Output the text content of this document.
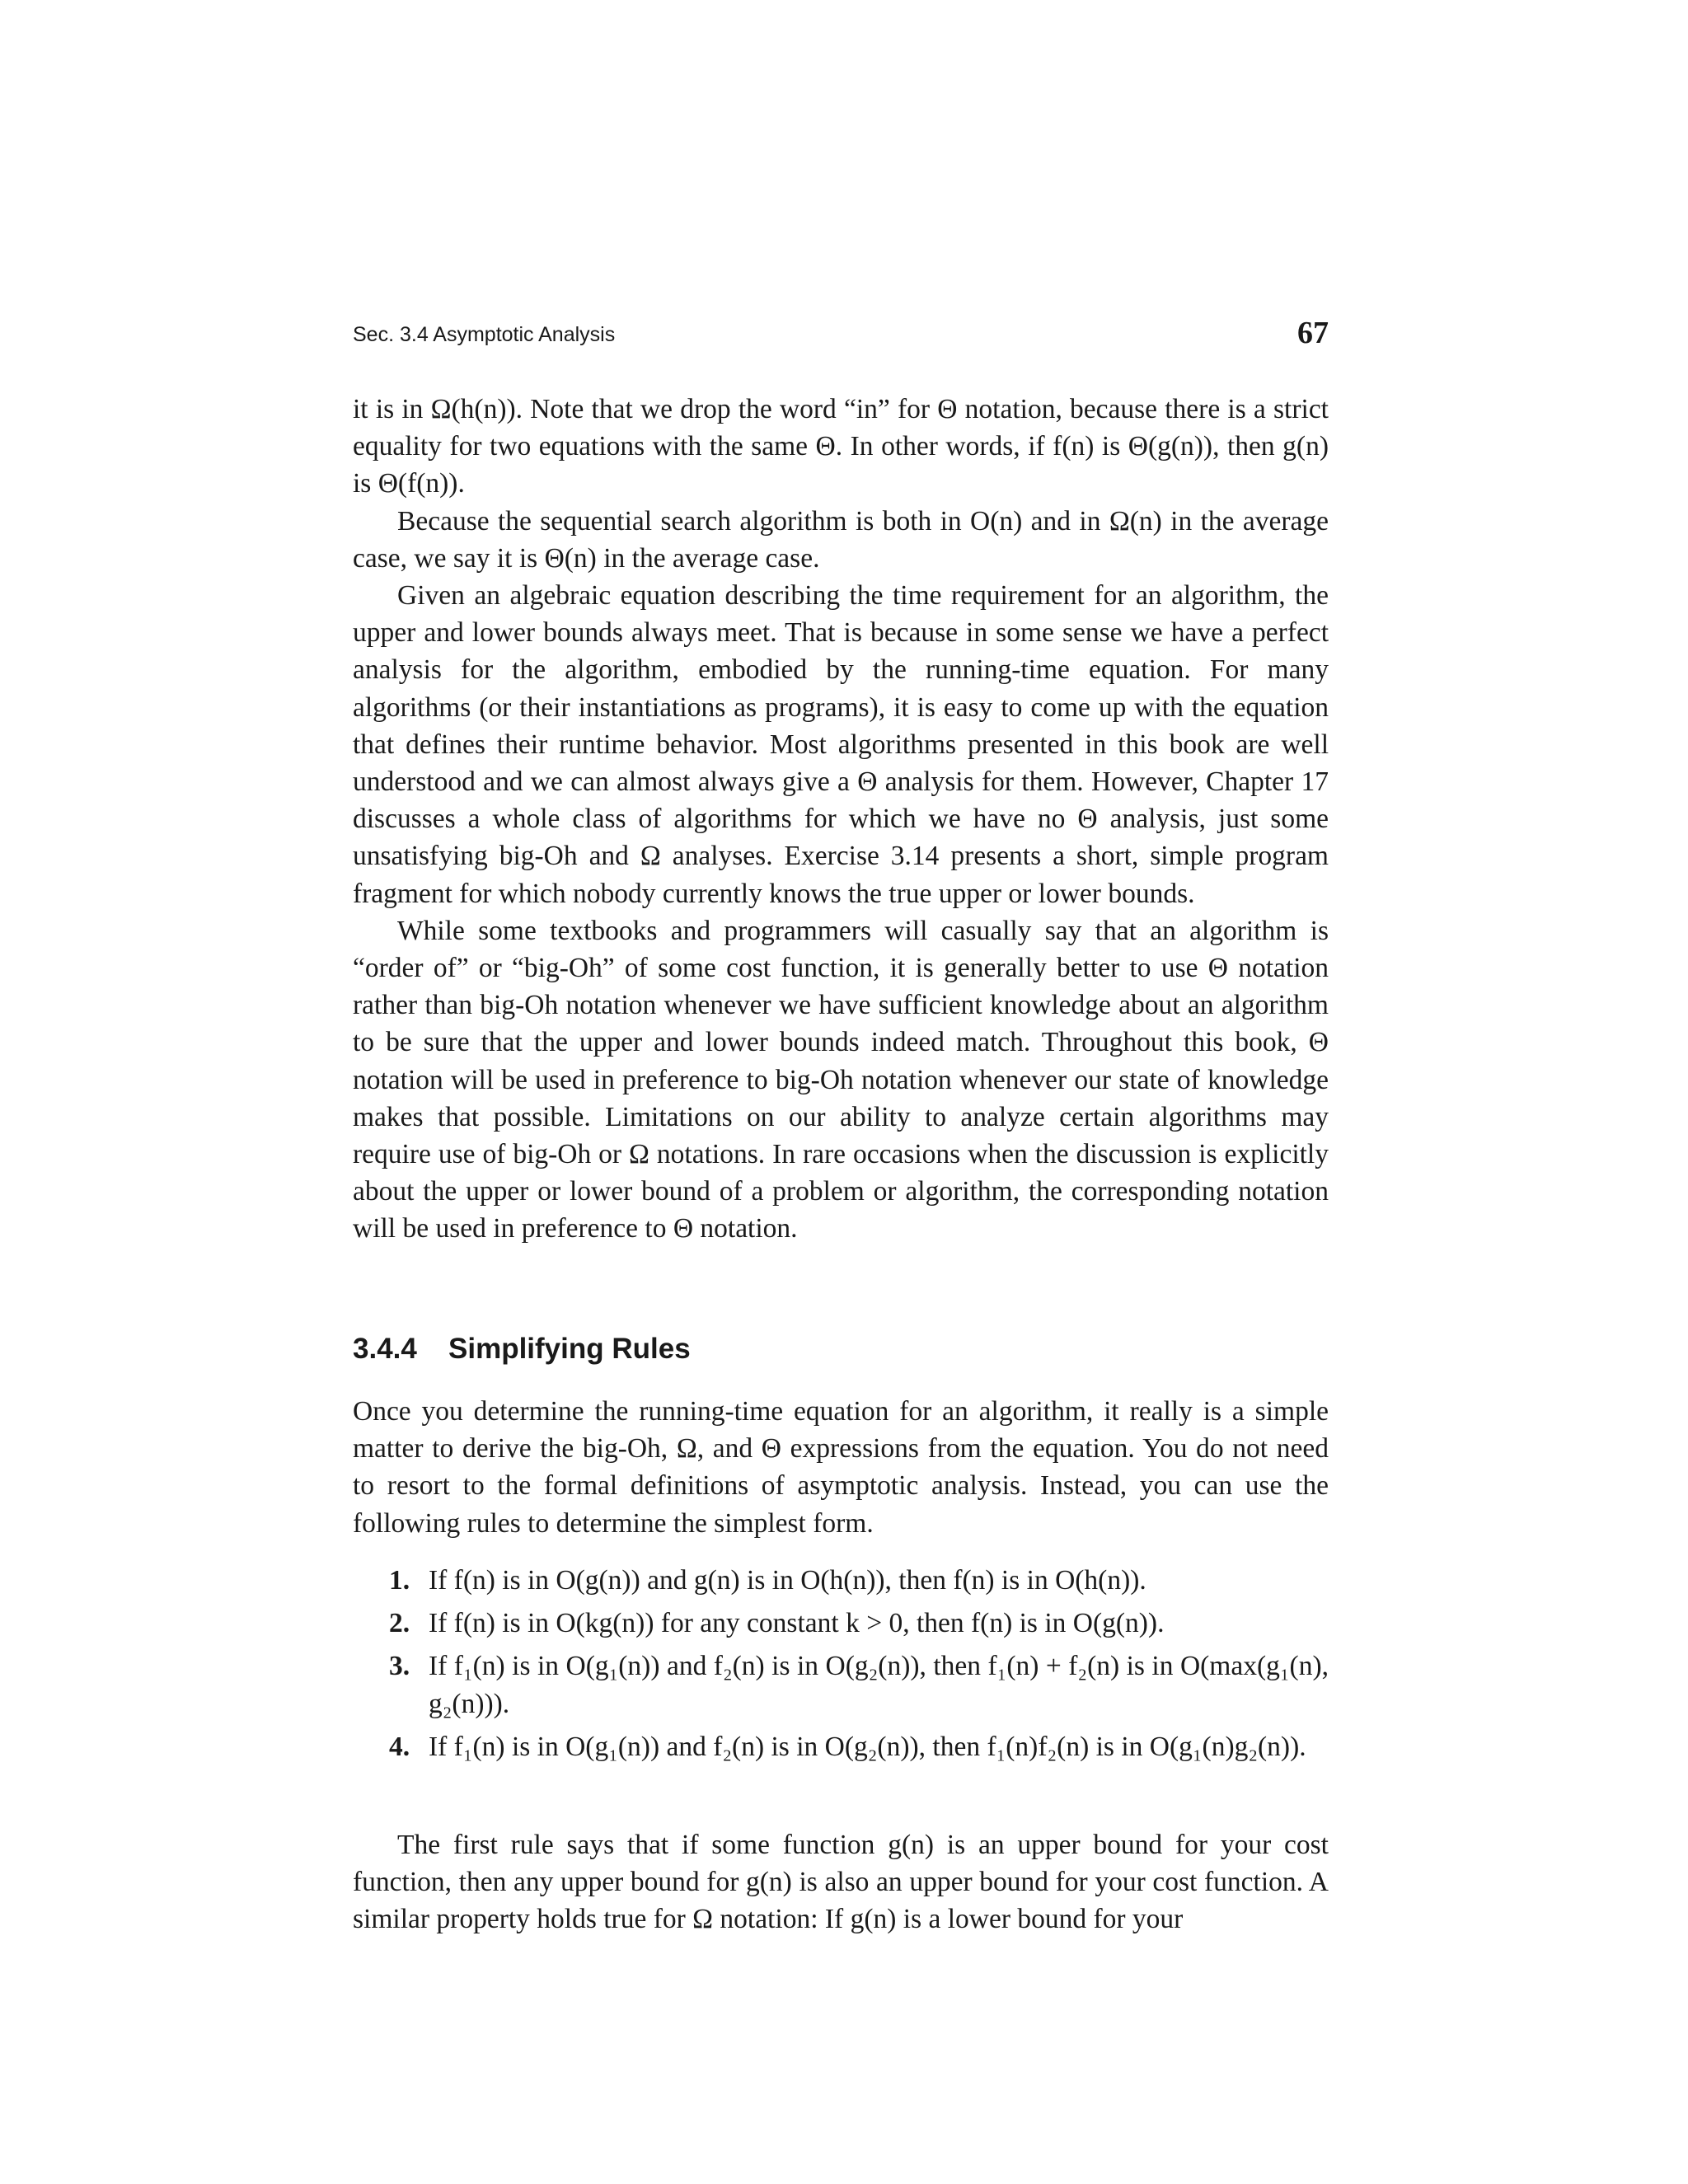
Sec. 3.4 Asymptotic Analysis	67

it is in Ω(h(n)). Note that we drop the word “in” for Θ notation, because there is a strict equality for two equations with the same Θ. In other words, if f(n) is Θ(g(n)), then g(n) is Θ(f(n)).

Because the sequential search algorithm is both in O(n) and in Ω(n) in the average case, we say it is Θ(n) in the average case.

Given an algebraic equation describing the time requirement for an algorithm, the upper and lower bounds always meet. That is because in some sense we have a perfect analysis for the algorithm, embodied by the running-time equation. For many algorithms (or their instantiations as programs), it is easy to come up with the equation that defines their runtime behavior. Most algorithms presented in this book are well understood and we can almost always give a Θ analysis for them. However, Chapter 17 discusses a whole class of algorithms for which we have no Θ analysis, just some unsatisfying big-Oh and Ω analyses. Exercise 3.14 presents a short, simple program fragment for which nobody currently knows the true upper or lower bounds.

While some textbooks and programmers will casually say that an algorithm is “order of” or “big-Oh” of some cost function, it is generally better to use Θ notation rather than big-Oh notation whenever we have sufficient knowledge about an algorithm to be sure that the upper and lower bounds indeed match. Throughout this book, Θ notation will be used in preference to big-Oh notation whenever our state of knowledge makes that possible. Limitations on our ability to analyze certain algorithms may require use of big-Oh or Ω notations. In rare occasions when the discussion is explicitly about the upper or lower bound of a problem or algorithm, the corresponding notation will be used in preference to Θ notation.

3.4.4 Simplifying Rules

Once you determine the running-time equation for an algorithm, it really is a simple matter to derive the big-Oh, Ω, and Θ expressions from the equation. You do not need to resort to the formal definitions of asymptotic analysis. Instead, you can use the following rules to determine the simplest form.

1. If f(n) is in O(g(n)) and g(n) is in O(h(n)), then f(n) is in O(h(n)).
2. If f(n) is in O(kg(n)) for any constant k > 0, then f(n) is in O(g(n)).
3. If f₁(n) is in O(g₁(n)) and f₂(n) is in O(g₂(n)), then f₁(n) + f₂(n) is in O(max(g₁(n), g₂(n))).
4. If f₁(n) is in O(g₁(n)) and f₂(n) is in O(g₂(n)), then f₁(n)f₂(n) is in O(g₁(n)g₂(n)).

The first rule says that if some function g(n) is an upper bound for your cost function, then any upper bound for g(n) is also an upper bound for your cost function. A similar property holds true for Ω notation: If g(n) is a lower bound for your
